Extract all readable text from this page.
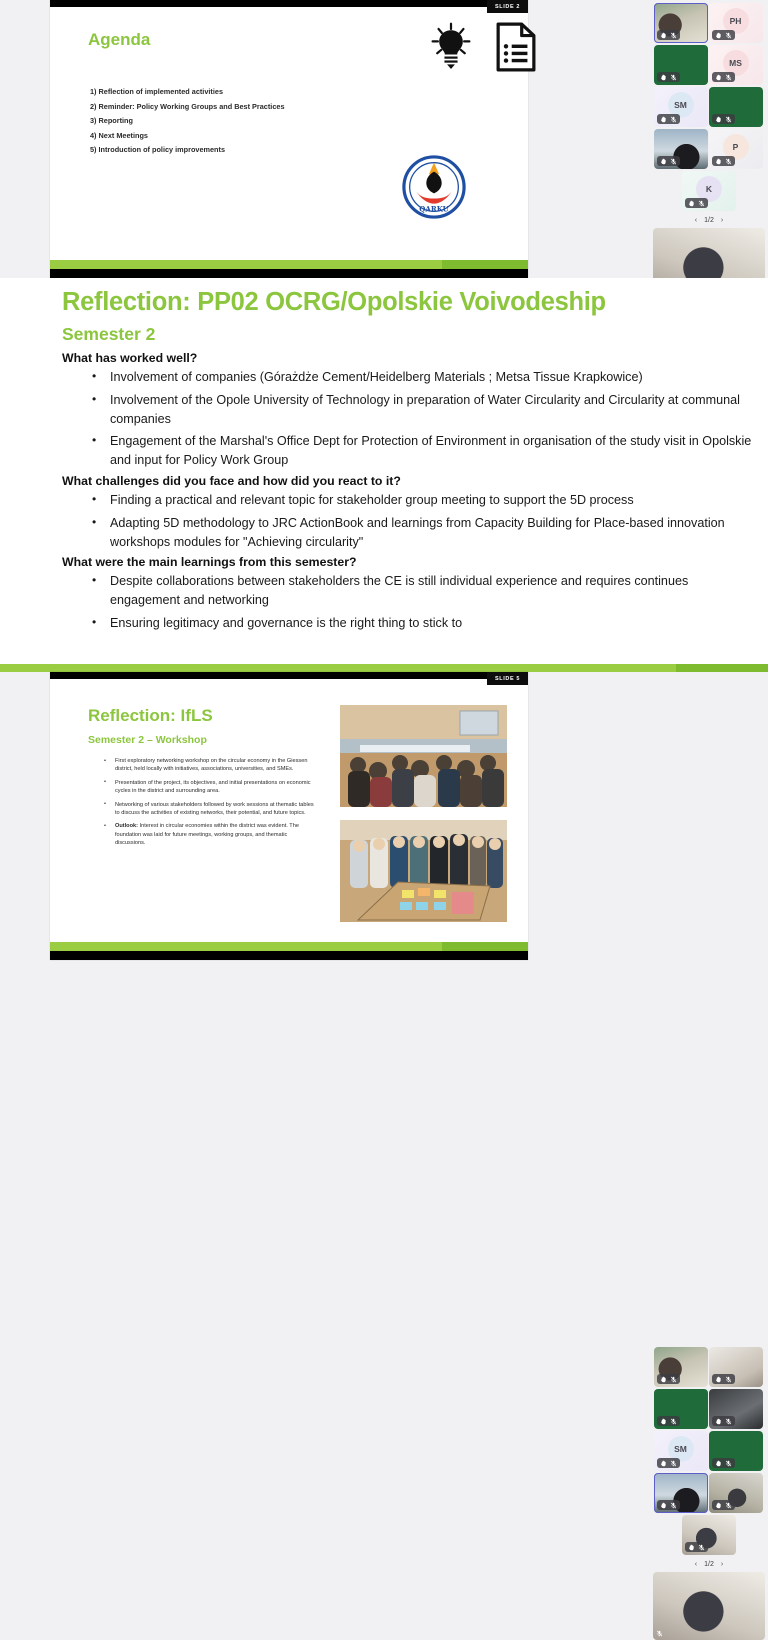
SLIDE 2
Agenda
1) Reflection of implemented activities
2) Reminder: Policy Working Groups and Best Practices
3) Reporting
4) Next Meetings
5) Introduction of policy improvements
QARKU
PH
MS
SM
P
K
‹ 1/2 ›
Reflection: PP02 OCRG/Opolskie Voivodeship
Semester 2
What has worked well?
• Involvement of companies (Górażdże Cement/Heidelberg Materials ; Metsa Tissue Krapkowice)
• Involvement of the Opole University of Technology in preparation of Water Circularity and Circularity at communal companies
• Engagement of the Marshal's Office Dept for Protection of Environment in organisation of the study visit in Opolskie and input for Policy Work Group
What challenges did you face and how did you react to it?
• Finding a practical and relevant topic for stakeholder group meeting to support the 5D process
• Adapting 5D methodology to JRC ActionBook and learnings from Capacity Building for Place-based innovation workshops modules for "Achieving circularity"
What were the main learnings from this semester?
• Despite collaborations between stakeholders the CE is still individual experience and requires continues engagement and networking
• Ensuring legitimacy and governance is the right thing to stick to
SLIDE 5
Reflection: IfLS
Semester 2 – Workshop
• First exploratory networking workshop on the circular economy in the Giessen district, held locally with initiatives, associations, universities, and SMEs.
• Presentation of the project, its objectives, and initial presentations on economic cycles in the district and surrounding area.
• Networking of various stakeholders followed by work sessions at thematic tables to discuss the activities of existing networks, their potential, and future topics.
• Outlook: Interest in circular economies within the district was evident. The foundation was laid for future meetings, working groups, and thematic discussions.
SM
‹ 1/2 ›
